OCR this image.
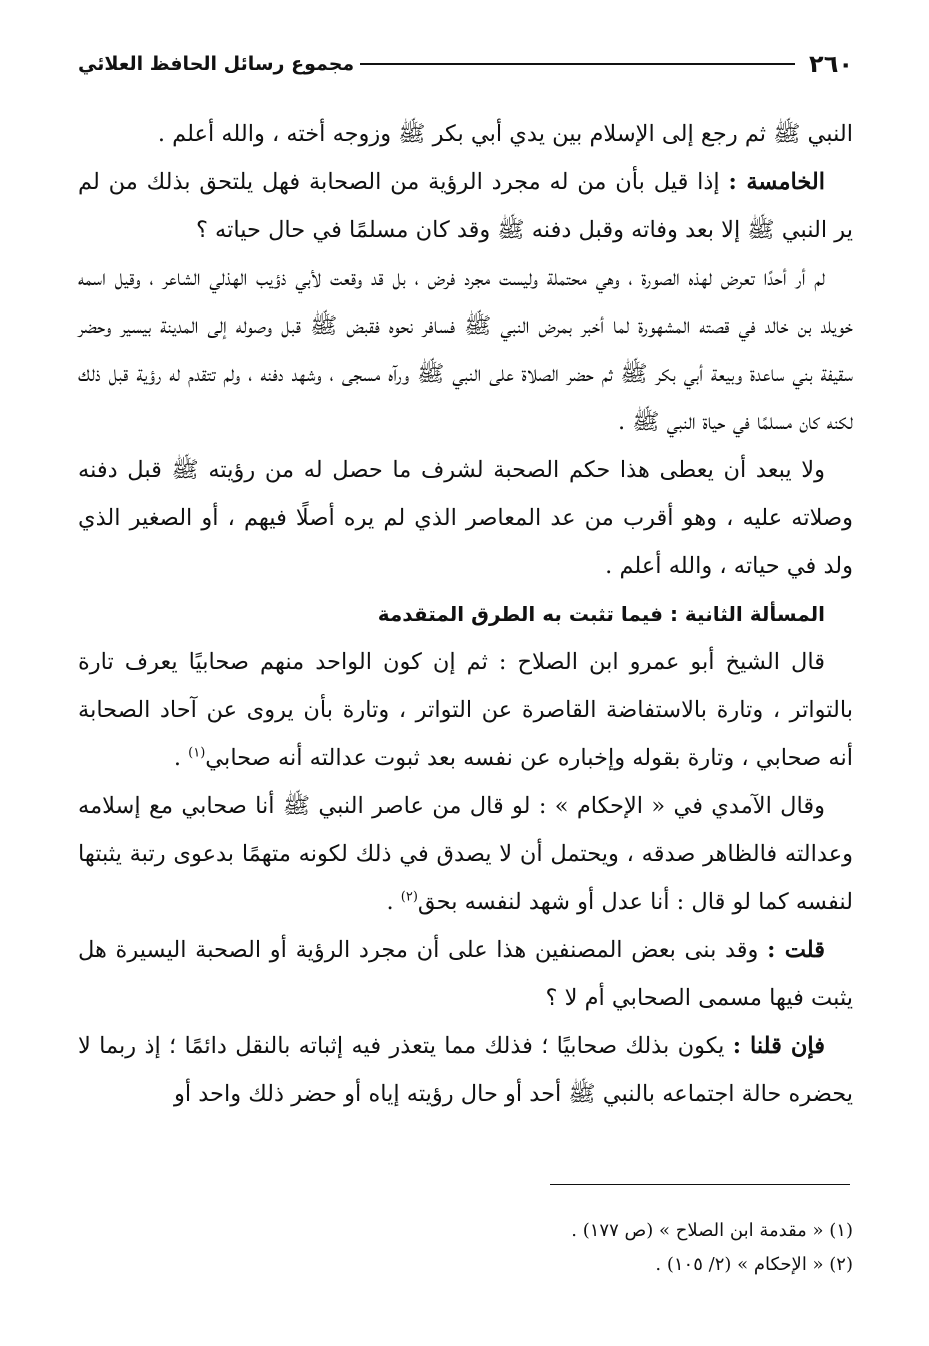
٢٦٠
مجموع رسائل الحافظ العلائي

النبي ﷺ ثم رجع إلى الإسلام بين يدي أبي بكر ﷺ وزوجه أخته ، والله أعلم .

الخامسة : إذا قيل بأن من له مجرد الرؤية من الصحابة فهل يلتحق بذلك من لم ير النبي ﷺ إلا بعد وفاته وقبل دفنه ﷺ وقد كان مسلمًا في حال حياته ؟

لم أر أحدًا تعرض لهذه الصورة ، وهي محتملة وليست مجرد فرض ، بل قد وقعت لأبي ذؤيب الهذلي الشاعر ، وقيل اسمه خويلد بن خالد في قصته المشهورة لما أخبر بمرض النبي ﷺ فسافر نحوه فقبض ﷺ قبل وصوله إلى المدينة بيسير وحضر سقيفة بني ساعدة وبيعة أبي بكر ﷺ ثم حضر الصلاة على النبي ﷺ ورآه مسجى ، وشهد دفنه ، ولم تتقدم له رؤية قبل ذلك لكنه كان مسلمًا في حياة النبي ﷺ .

ولا يبعد أن يعطى هذا حكم الصحبة لشرف ما حصل له من رؤيته ﷺ قبل دفنه وصلاته عليه ، وهو أقرب من عد المعاصر الذي لم يره أصلًا فيهم ، أو الصغير الذي ولد في حياته ، والله أعلم .

المسألة الثانية : فيما تثبت به الطرق المتقدمة

قال الشيخ أبو عمرو ابن الصلاح : ثم إن كون الواحد منهم صحابيًا يعرف تارة بالتواتر ، وتارة بالاستفاضة القاصرة عن التواتر ، وتارة بأن يروى عن آحاد الصحابة أنه صحابي ، وتارة بقوله وإخباره عن نفسه بعد ثبوت عدالته أنه صحابي$^{(١)}$ .

وقال الآمدي في « الإحكام » : لو قال من عاصر النبي ﷺ أنا صحابي مع إسلامه وعدالته فالظاهر صدقه ، ويحتمل أن لا يصدق في ذلك لكونه متهمًا بدعوى رتبة يثبتها لنفسه كما لو قال : أنا عدل أو شهد لنفسه بحق$^{(٢)}$ .

قلت : وقد بنى بعض المصنفين هذا على أن مجرد الرؤية أو الصحبة اليسيرة هل يثبت فيها مسمى الصحابي أم لا ؟

فإن قلنا : يكون بذلك صحابيًا ؛ فذلك مما يتعذر فيه إثباته بالنقل دائمًا ؛ إذ ربما لا يحضره حالة اجتماعه بالنبي ﷺ أحد أو حال رؤيته إياه أو حضر ذلك واحد أو

(١) « مقدمة ابن الصلاح » (ص ١٧٧) .

(٢) « الإحكام » (٢/ ١٠٥) .
